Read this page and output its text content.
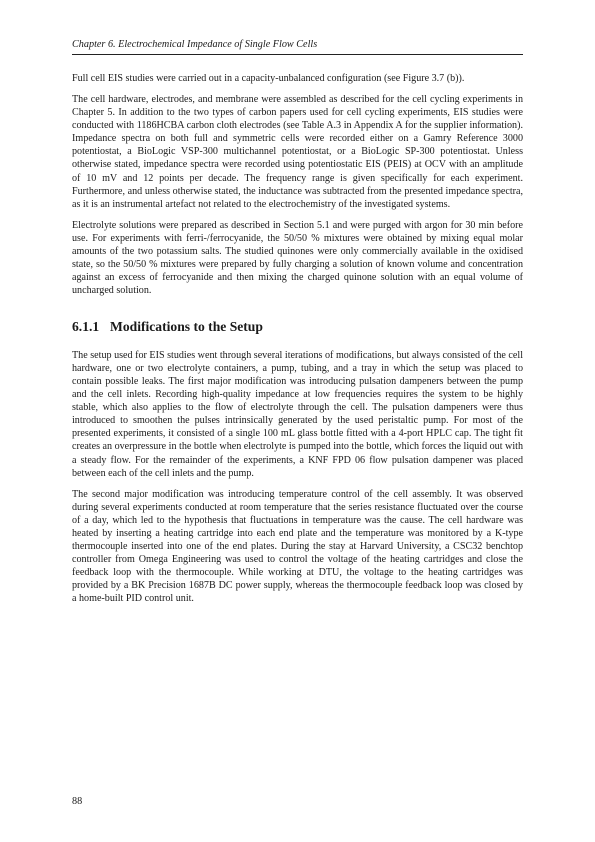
Chapter 6. Electrochemical Impedance of Single Flow Cells

Full cell EIS studies were carried out in a capacity-unbalanced configuration (see Figure 3.7 (b)).

The cell hardware, electrodes, and membrane were assembled as described for the cell cycling experiments in Chapter 5. In addition to the two types of carbon papers used for cell cycling experiments, EIS studies were conducted with 1186HCBA carbon cloth electrodes (see Table A.3 in Appendix A for the supplier information). Impedance spectra on both full and symmetric cells were recorded either on a Gamry Reference 3000 potentiostat, a BioLogic VSP-300 multichannel potentiostat, or a BioLogic SP-300 potentiostat. Unless otherwise stated, impedance spectra were recorded using potentiostatic EIS (PEIS) at OCV with an amplitude of 10 mV and 12 points per decade. The frequency range is given specifically for each experiment. Furthermore, and unless otherwise stated, the inductance was subtracted from the presented impedance spectra, as it is an instrumental artefact not related to the electrochemistry of the investigated systems.

Electrolyte solutions were prepared as described in Section 5.1 and were purged with argon for 30 min before use. For experiments with ferri-/ferrocyanide, the 50/50 % mixtures were obtained by mixing equal molar amounts of the two potassium salts. The studied quinones were only commercially available in the oxidised state, so the 50/50 % mixtures were prepared by fully charging a solution of known volume and concentration against an excess of ferrocyanide and then mixing the charged quinone solution with an equal volume of uncharged solution.

6.1.1 Modifications to the Setup

The setup used for EIS studies went through several iterations of modifications, but always consisted of the cell hardware, one or two electrolyte containers, a pump, tubing, and a tray in which the setup was placed to contain possible leaks. The first major modification was introducing pulsation dampeners between the pump and the cell inlets. Recording high-quality impedance at low frequencies requires the system to be highly stable, which also applies to the flow of electrolyte through the cell. The pulsation dampeners were thus introduced to smoothen the pulses intrinsically generated by the used peristaltic pump. For most of the presented experiments, it consisted of a single 100 mL glass bottle fitted with a 4-port HPLC cap. The tight fit creates an overpressure in the bottle when electrolyte is pumped into the bottle, which forces the liquid out with a steady flow. For the remainder of the experiments, a KNF FPD 06 flow pulsation dampener was placed between each of the cell inlets and the pump.

The second major modification was introducing temperature control of the cell assembly. It was observed during several experiments conducted at room temperature that the series resistance fluctuated over the course of a day, which led to the hypothesis that fluctuations in temperature was the cause. The cell hardware was heated by inserting a heating cartridge into each end plate and the temperature was monitored by a K-type thermocouple inserted into one of the end plates. During the stay at Harvard University, a CSC32 benchtop controller from Omega Engineering was used to control the voltage of the heating cartridges and close the feedback loop with the thermocouple. While working at DTU, the voltage to the heating cartridges was provided by a BK Precision 1687B DC power supply, whereas the thermocouple feedback loop was closed by a home-built PID control unit.

88
